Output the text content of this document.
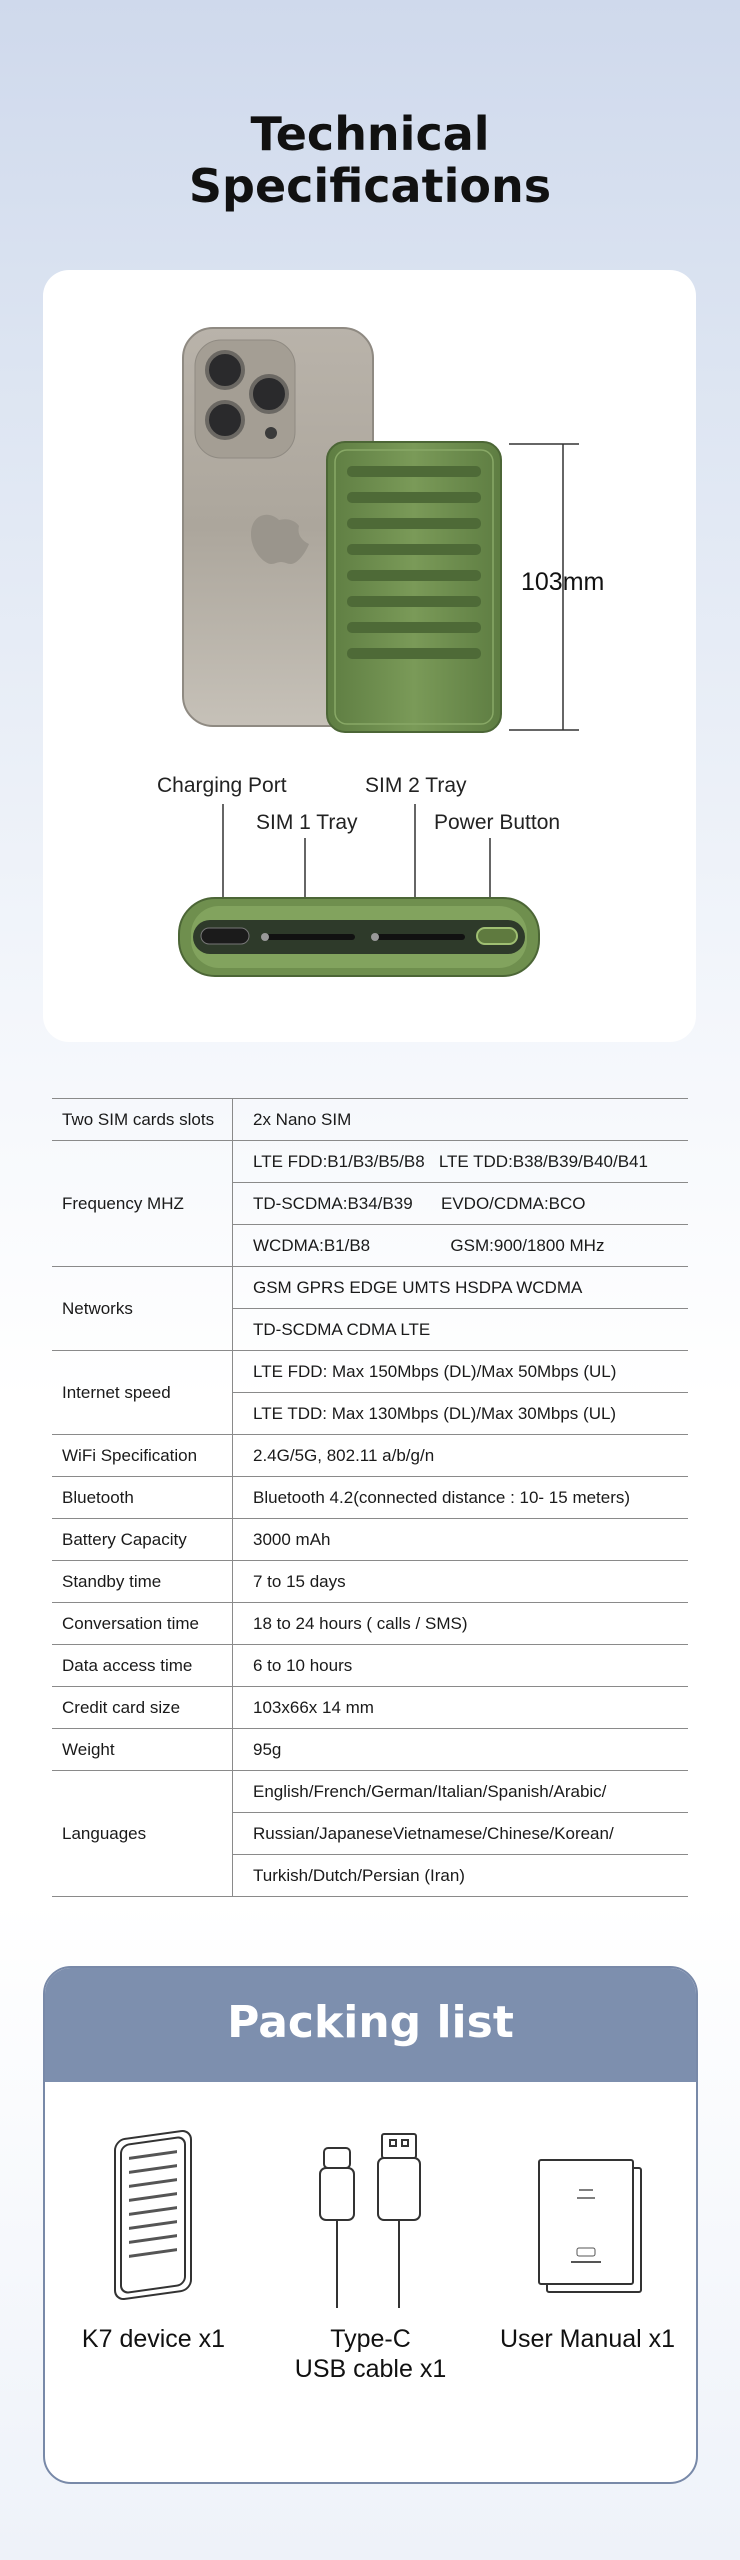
Technical
Specifications
103mm
Charging Port	SIM 2 Tray
SIM 1 Tray	Power Button
Two SIM cards slots	2x Nano SIM
Frequency MHZ	LTE FDD:B1/B3/B5/B8   LTE TDD:B38/B39/B40/B41
	TD-SCDMA:B34/B39      EVDO/CDMA:BCO
	WCDMA:B1/B8                 GSM:900/1800 MHz
Networks	GSM GPRS EDGE UMTS HSDPA WCDMA
	TD-SCDMA CDMA LTE
Internet speed	LTE FDD: Max 150Mbps (DL)/Max 50Mbps (UL)
	LTE TDD: Max 130Mbps (DL)/Max 30Mbps (UL)
WiFi Specification	2.4G/5G, 802.11 a/b/g/n
Bluetooth	Bluetooth 4.2(connected distance : 10- 15 meters)
Battery Capacity	3000 mAh
Standby time	7 to 15 days
Conversation time	18 to 24 hours ( calls / SMS)
Data access time	6 to 10 hours
Credit card size	103x66x 14 mm
Weight	95g
Languages	English/French/German/Italian/Spanish/Arabic/
	Russian/JapaneseVietnamese/Chinese/Korean/
	Turkish/Dutch/Persian (Iran)
Packing list
K7 device x1	Type-C
USB cable x1
User Manual x1
